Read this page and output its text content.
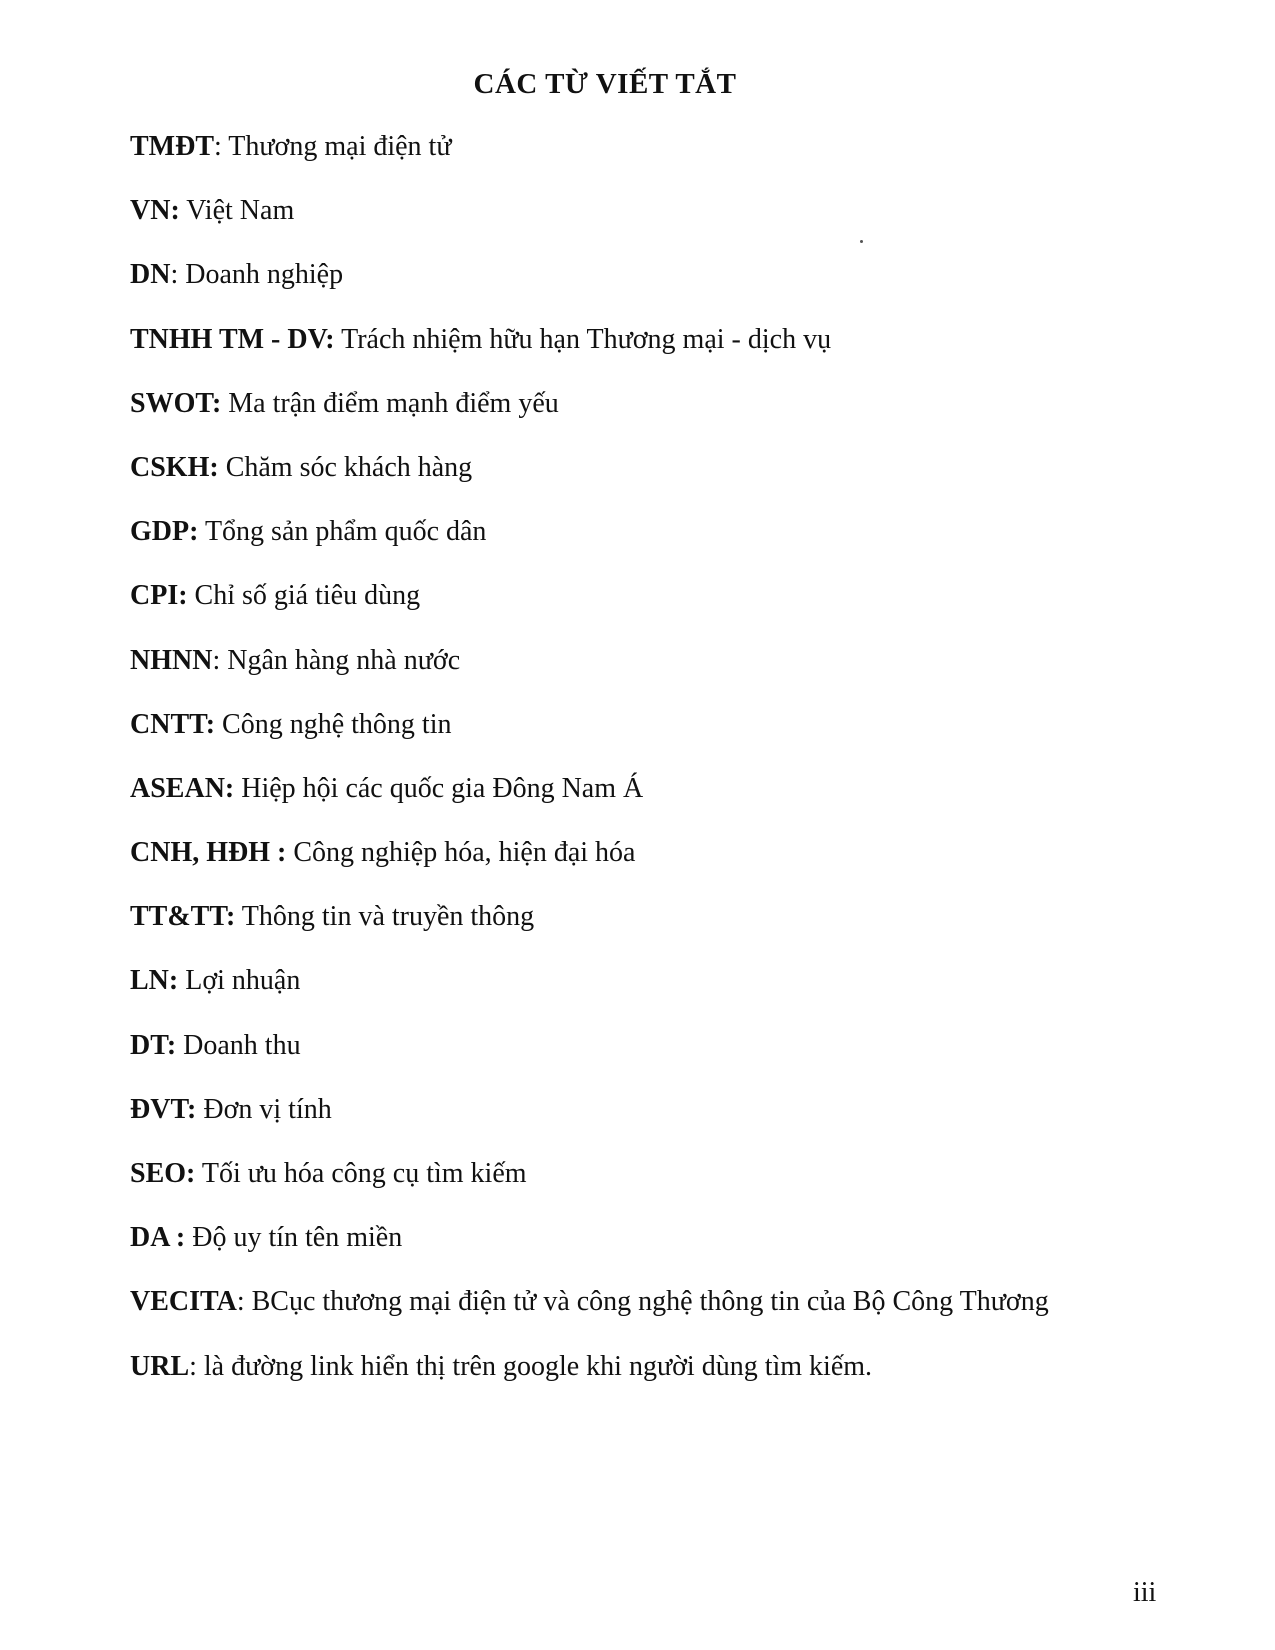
CÁC TỪ VIẾT TẮT
TMĐT: Thương mại điện tử
VN: Việt Nam
DN: Doanh nghiệp
TNHH TM - DV: Trách nhiệm hữu hạn Thương mại - dịch vụ
SWOT: Ma trận điểm mạnh điểm yếu
CSKH: Chăm sóc khách hàng
GDP: Tổng sản phẩm quốc dân
CPI: Chỉ số giá tiêu dùng
NHNN: Ngân hàng nhà nước
CNTT: Công nghệ thông tin
ASEAN: Hiệp hội các quốc gia Đông Nam Á
CNH, HĐH : Công nghiệp hóa, hiện đại hóa
TT&TT: Thông tin và truyền thông
LN: Lợi nhuận
DT: Doanh thu
ĐVT: Đơn vị tính
SEO: Tối ưu hóa công cụ tìm kiếm
DA : Độ uy tín tên miền
VECITA: BCục thương mại điện tử và công nghệ thông tin của Bộ Công Thương
URL: là đường link hiển thị trên google khi người dùng tìm kiếm.
iii
